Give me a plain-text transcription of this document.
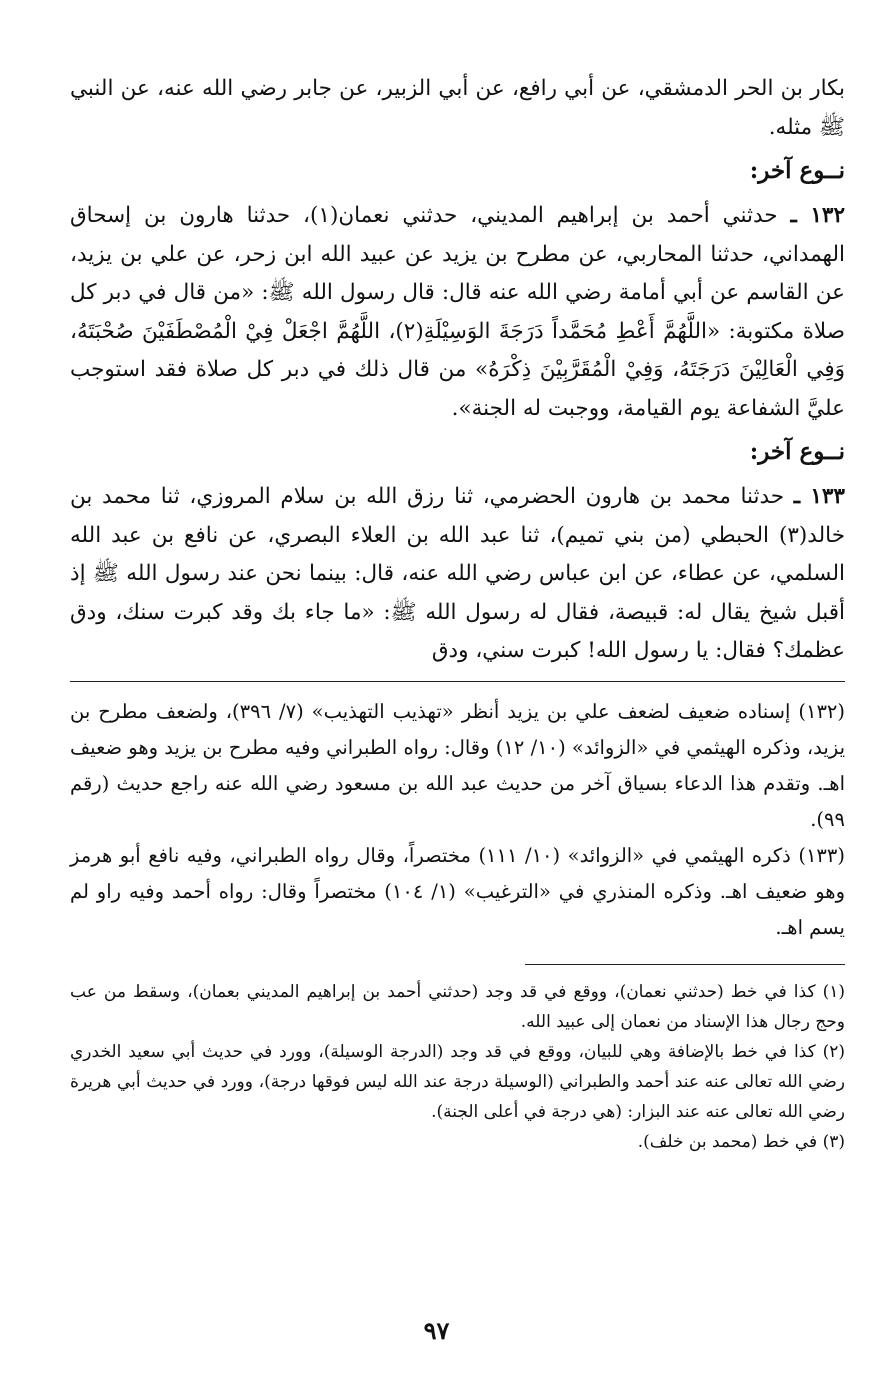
بكار بن الحر الدمشقي، عن أبي رافع، عن أبي الزبير، عن جابر رضي الله عنه، عن النبي ﷺ مثله.

نــوع آخر:

١٣٢ ـ حدثني أحمد بن إبراهيم المديني، حدثني نعمان(١)، حدثنا هارون بن إسحاق الهمداني، حدثنا المحاربي، عن مطرح بن يزيد عن عبيد الله ابن زحر، عن علي بن يزيد، عن القاسم عن أبي أمامة رضي الله عنه قال: قال رسول الله ﷺ: «من قال في دبر كل صلاة مكتوبة: «اللَّهُمَّ أَعْطِ مُحَمَّداً دَرَجَةَ الوَسِيْلَةِ(٢)، اللَّهُمَّ اجْعَلْ فِيْ الْمُصْطَفَيْنَ صُحْبَتَهُ، وَفِي الْعَالِيْنَ دَرَجَتَهُ، وَفِيْ الْمُقَرَّبِيْنَ ذِكْرَهُ» من قال ذلك في دبر كل صلاة فقد استوجب عليَّ الشفاعة يوم القيامة، ووجبت له الجنة».

نــوع آخر:

١٣٣ ـ حدثنا محمد بن هارون الحضرمي، ثنا رزق الله بن سلام المروزي، ثنا محمد بن خالد(٣) الحبطي (من بني تميم)، ثنا عبد الله بن العلاء البصري، عن نافع بن عبد الله السلمي، عن عطاء، عن ابن عباس رضي الله عنه، قال: بينما نحن عند رسول الله ﷺ إذ أقبل شيخ يقال له: قبيصة، فقال له رسول الله ﷺ: «ما جاء بك وقد كبرت سنك، ودق عظمك؟ فقال: يا رسول الله! كبرت سني، ودق

(١٣٢) إسناده ضعيف لضعف علي بن يزيد أنظر «تهذيب التهذيب» (٧/ ٣٩٦)، ولضعف مطرح بن يزيد، وذكره الهيثمي في «الزوائد» (١٠/ ١٢) وقال: رواه الطبراني وفيه مطرح بن يزيد وهو ضعيف اهـ. وتقدم هذا الدعاء بسياق آخر من حديث عبد الله بن مسعود رضي الله عنه راجع حديث (رقم ٩٩).

(١٣٣) ذكره الهيثمي في «الزوائد» (١٠/ ١١١) مختصراً، وقال رواه الطبراني، وفيه نافع أبو هرمز وهو ضعيف اهـ. وذكره المنذري في «الترغيب» (١/ ١٠٤) مختصراً وقال: رواه أحمد وفيه راو لم يسم اهـ.

(١) كذا في خط (حدثني نعمان)، ووقع في قد وجد (حدثني أحمد بن إبراهيم المديني بعمان)، وسقط من عب وحج رجال هذا الإسناد من نعمان إلى عبيد الله.

(٢) كذا في خط بالإضافة وهي للبيان، ووقع في قد وجد (الدرجة الوسيلة)، وورد في حديث أبي سعيد الخدري رضي الله تعالى عنه عند أحمد والطبراني (الوسيلة درجة عند الله ليس فوقها درجة)، وورد في حديث أبي هريرة رضي الله تعالى عنه عند البزار: (هي درجة في أعلى الجنة).

(٣) في خط (محمد بن خلف).

٩٧
